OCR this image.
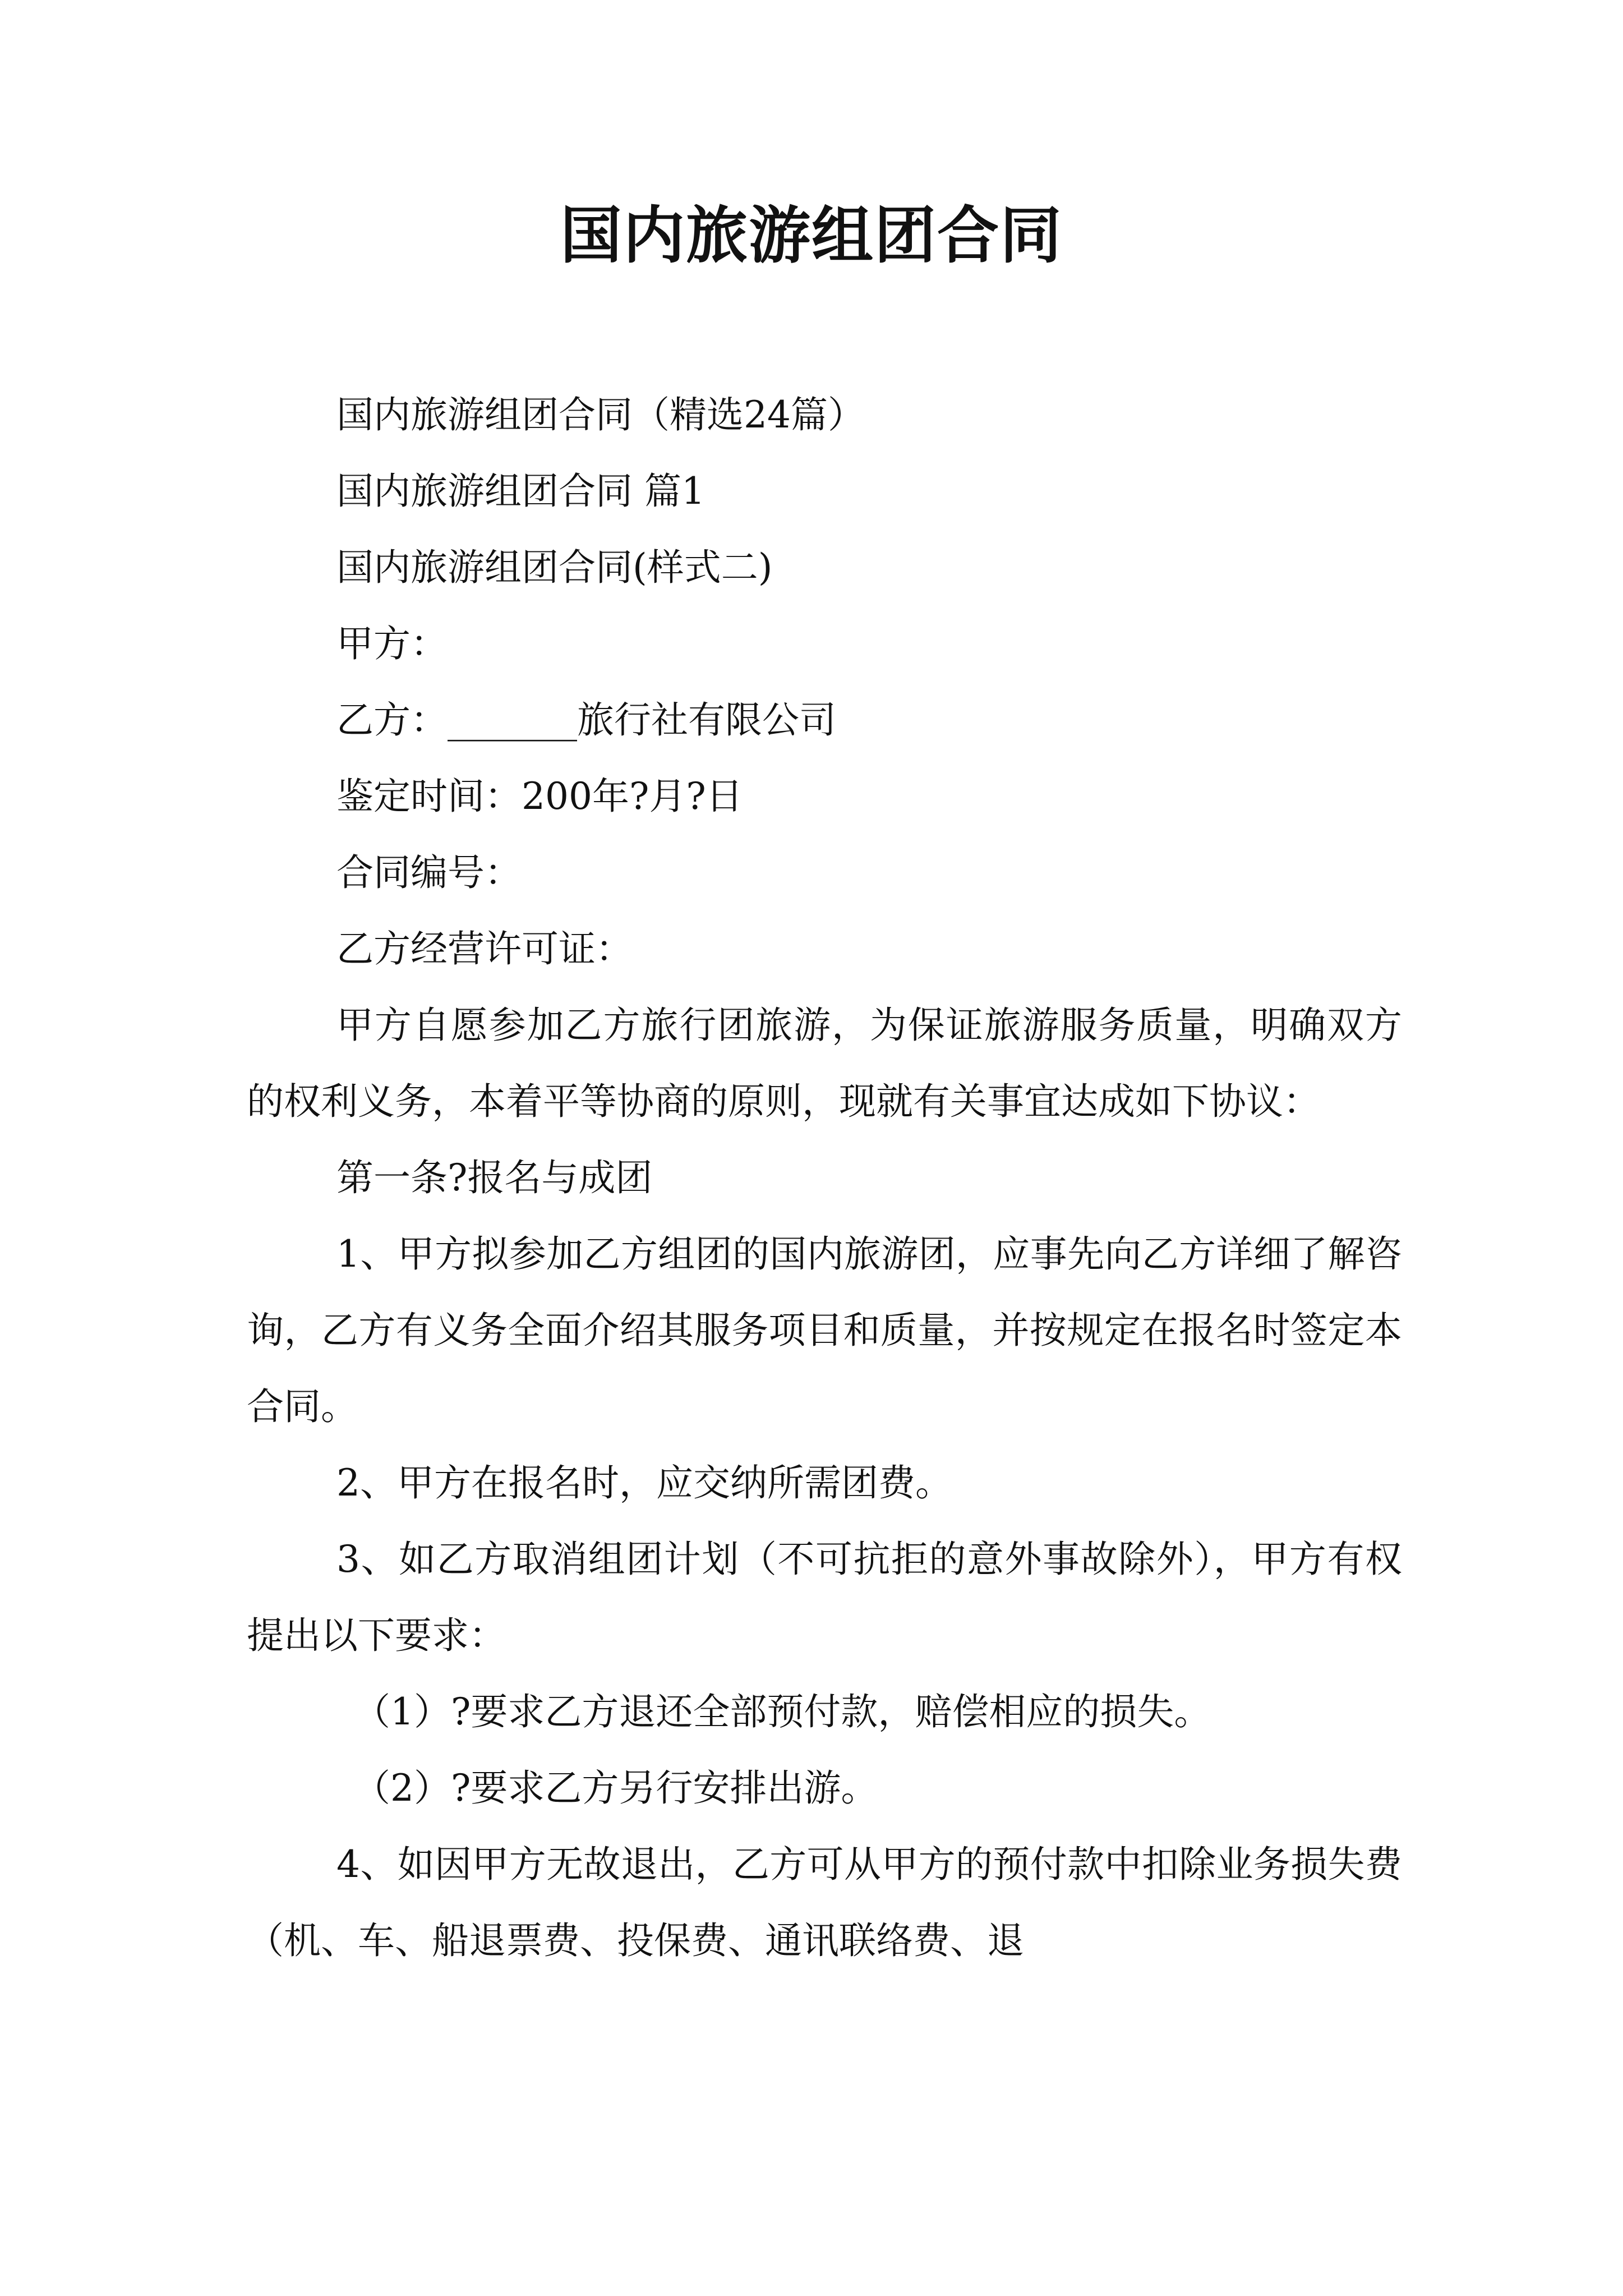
国内旅游组团合同

国内旅游组团合同（精选24篇）

国内旅游组团合同 篇1

国内旅游组团合同(样式二)

甲方：

乙方：_______旅行社有限公司

鉴定时间：200年?月?日

合同编号：

乙方经营许可证：

甲方自愿参加乙方旅行团旅游，为保证旅游服务质量，明确双方的权利义务，本着平等协商的原则，现就有关事宜达成如下协议：

第一条?报名与成团

1、甲方拟参加乙方组团的国内旅游团，应事先向乙方详细了解咨询，乙方有义务全面介绍其服务项目和质量，并按规定在报名时签定本合同。

2、甲方在报名时，应交纳所需团费。

3、如乙方取消组团计划（不可抗拒的意外事故除外），甲方有权提出以下要求：

（1）?要求乙方退还全部预付款，赔偿相应的损失。

（2）?要求乙方另行安排出游。

4、如因甲方无故退出，乙方可从甲方的预付款中扣除业务损失费（机、车、船退票费、投保费、通讯联络费、退
